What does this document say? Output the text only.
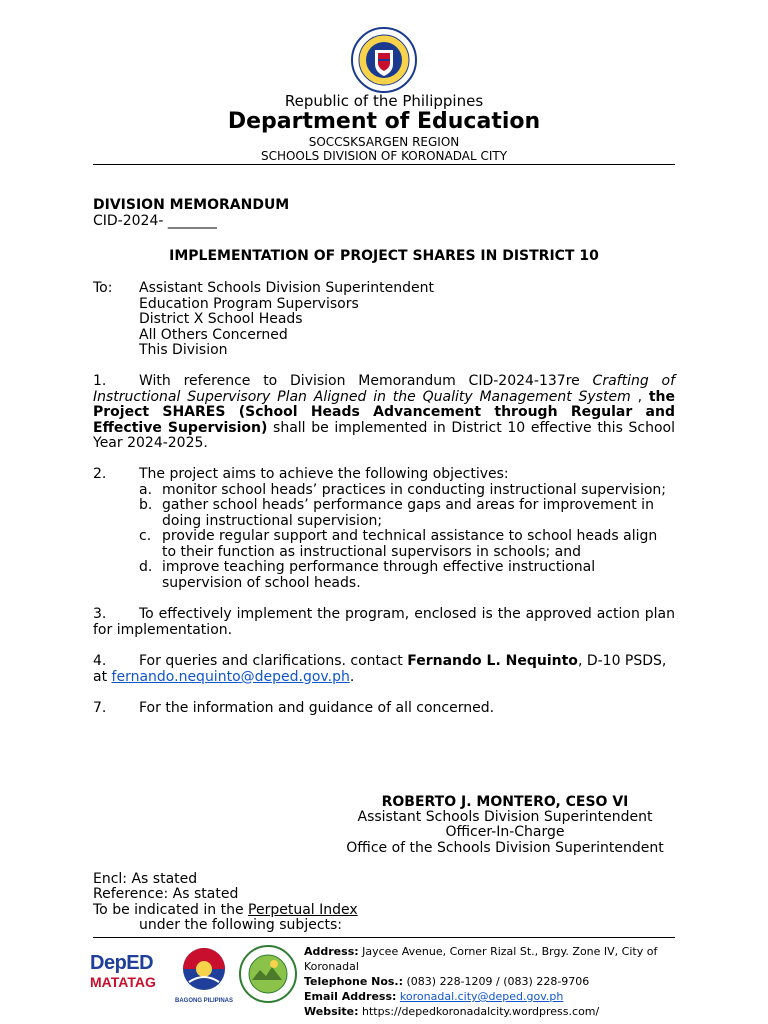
Republic of the Philippines
Department of Education
SOCCSKSARGEN REGION
SCHOOLS DIVISION OF KORONADAL CITY
DIVISION MEMORANDUM
CID-2024- _______
IMPLEMENTATION OF PROJECT SHARES IN DISTRICT 10
To: Assistant Schools Division Superintendent
Education Program Supervisors
District X School Heads
All Others Concerned
This Division
1. With reference to Division Memorandum CID-2024-137re Crafting of Instructional Supervisory Plan Aligned in the Quality Management System , the Project SHARES (School Heads Advancement through Regular and Effective Supervision) shall be implemented in District 10 effective this School Year 2024-2025.
2. The project aims to achieve the following objectives:
a. monitor school heads’ practices in conducting instructional supervision;
b. gather school heads’ performance gaps and areas for improvement in doing instructional supervision;
c. provide regular support and technical assistance to school heads align to their function as instructional supervisors in schools; and
d. improve teaching performance through effective instructional supervision of school heads.
3. To effectively implement the program, enclosed is the approved action plan for implementation.
4. For queries and clarifications. contact Fernando L. Nequinto, D-10 PSDS, at fernando.nequinto@deped.gov.ph.
7. For the information and guidance of all concerned.
ROBERTO J. MONTERO, CESO VI
Assistant Schools Division Superintendent
Officer-In-Charge
Office of the Schools Division Superintendent
Encl: As stated
Reference: As stated
To be indicated in the Perpetual Index
under the following subjects:
DepED
MATATAG
BAGONG PILIPINAS
Address: Jaycee Avenue, Corner Rizal St., Brgy. Zone IV, City of Koronadal
Telephone Nos.: (083) 228-1209 / (083) 228-9706
Email Address: koronadal.city@deped.gov.ph
Website: https://depedkoronadalcity.wordpress.com/
